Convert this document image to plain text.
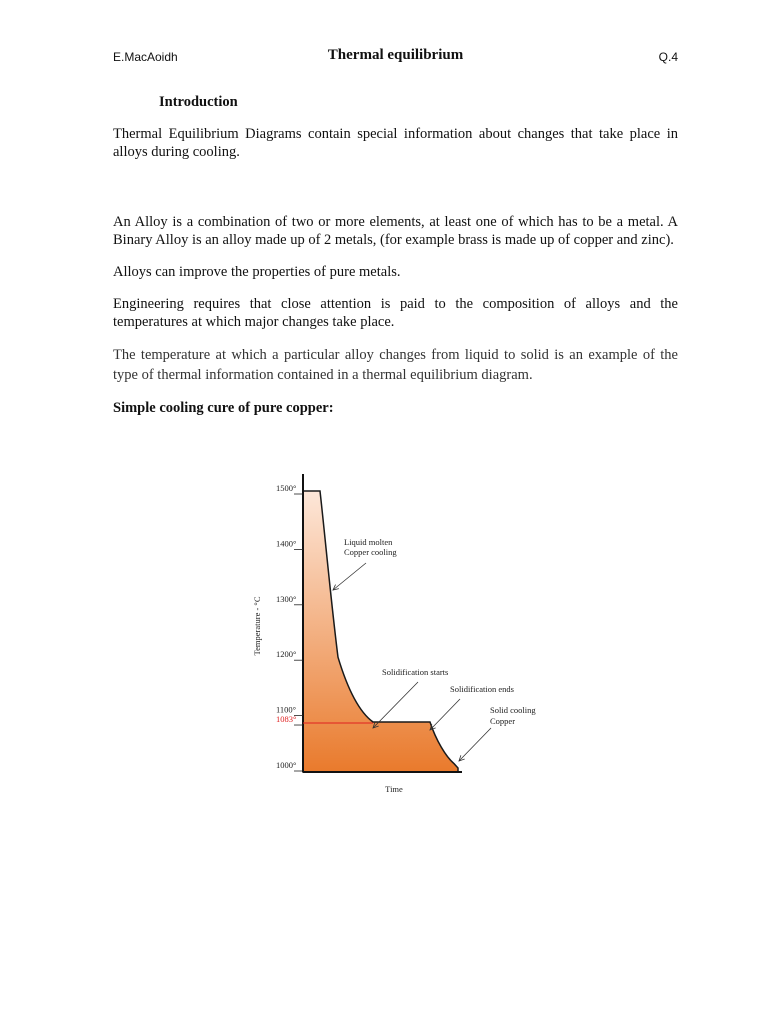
E.MacAoidh	Thermal equilibrium	Q.4

Introduction

Thermal Equilibrium Diagrams contain special information about changes that take place in alloys during cooling.

An Alloy is a combination of two or more elements, at least one of which has to be a metal. A Binary Alloy is an alloy made up of 2 metals, (for example brass is made up of copper and zinc).

Alloys can improve the properties of pure metals.

Engineering requires that close attention is paid to the composition of alloys and the temperatures at which major changes take place.

The temperature at which a particular alloy changes from liquid to solid is an example of the type of thermal information contained in a thermal equilibrium diagram.

Simple cooling cure of pure copper:

1000°
1083°
1100°
1200°
1300°
1400°
1500°
Temperature - °C
Time
Liquid molten
Copper cooling
Solidification starts
Solidification ends
Solid cooling
Copper
